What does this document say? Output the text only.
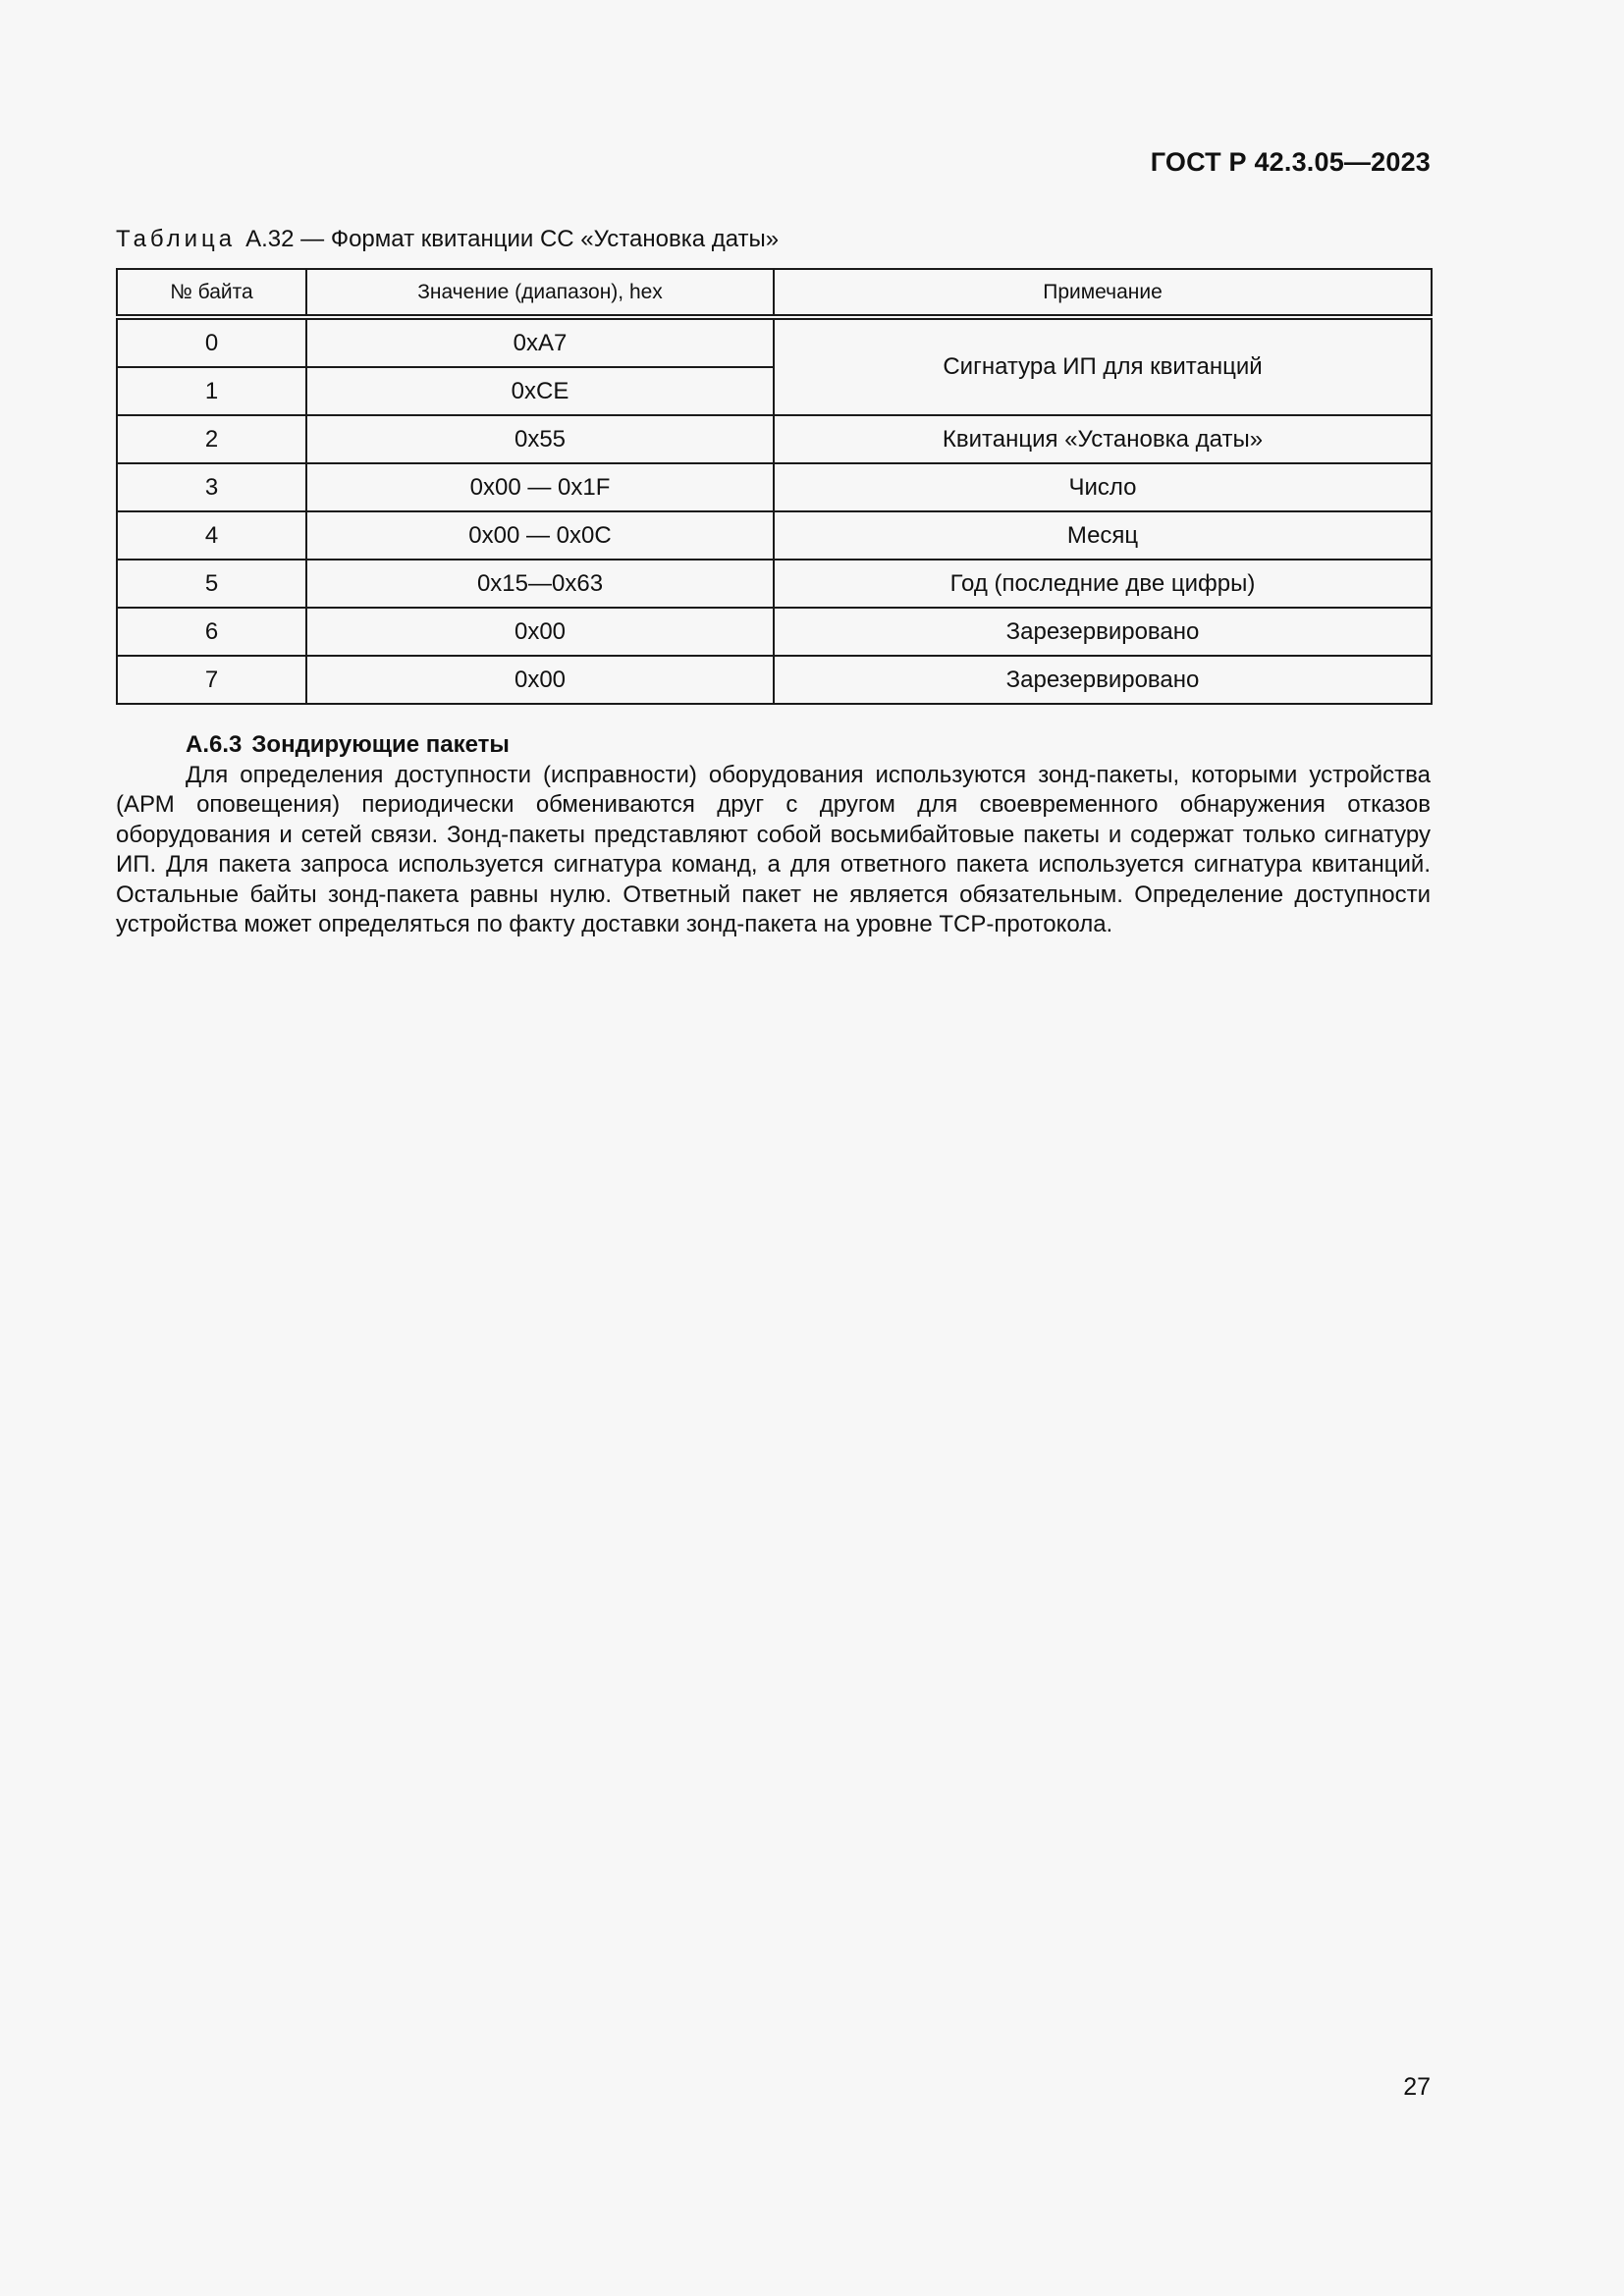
ГОСТ Р 42.3.05—2023
Таблица А.32 — Формат квитанции СС «Установка даты»
№ байта	Значение (диапазон), hex	Примечание
0	0xA7	Сигнатура ИП для квитанций
1	0xCE	
2	0x55	Квитанция «Установка даты»
3	0x00 — 0x1F	Число
4	0x00 — 0x0C	Месяц
5	0x15—0x63	Год (последние две цифры)
6	0x00	Зарезервировано
7	0x00	Зарезервировано
А.6.3 Зондирующие пакеты

Для определения доступности (исправности) оборудования используются зонд-пакеты, которыми устройства (АРМ оповещения) периодически обмениваются друг с другом для своевременного обнаружения отказов оборудования и сетей связи. Зонд-пакеты представляют собой восьмибайтовые пакеты и содержат только сигнатуру ИП. Для пакета запроса используется сигнатура команд, а для ответного пакета используется сигнатура квитанций. Остальные байты зонд-пакета равны нулю. Ответный пакет не является обязательным. Определение доступности устройства может определяться по факту доставки зонд-пакета на уровне ТСР-протокола.

27
